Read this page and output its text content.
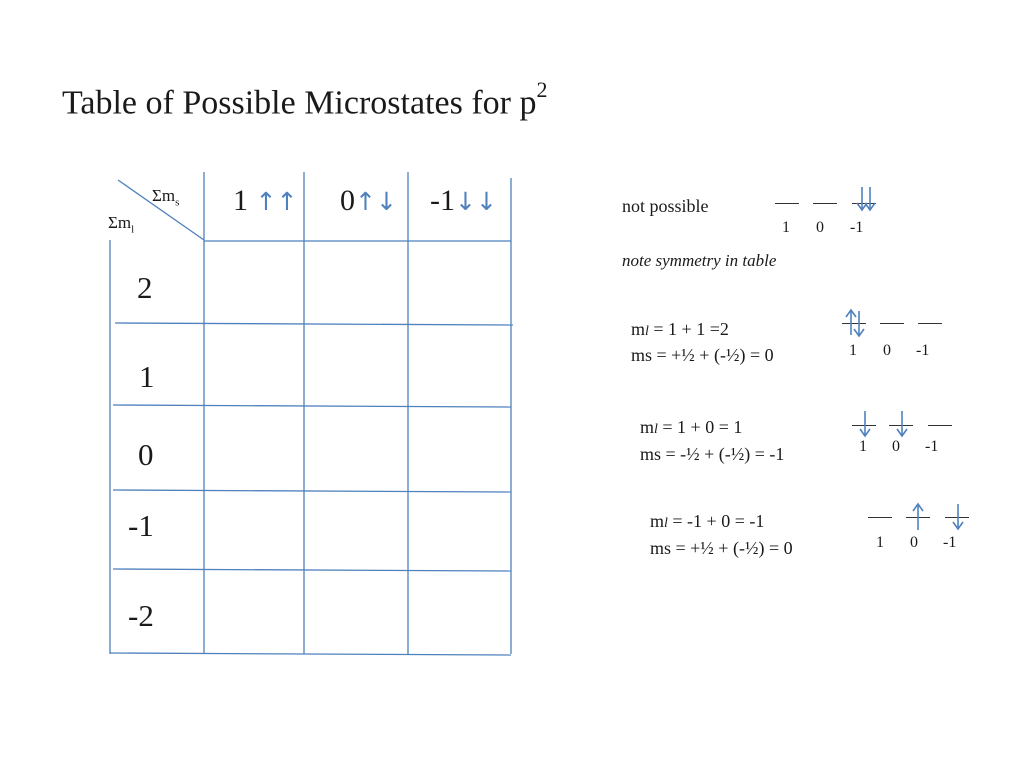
Table of Possible Microstates for $p^2$
$\Sigma m_s$
$\Sigma m_l$
1 ↑↑ 0↑↓ -1↓↓
2
1
0
-1
-2
not possible
1 0 -1
note symmetry in table
ml = 1 + 1 =2
ms = +½ + (-½) = 0	1 0 -1
ml = 1 + 0 = 1
ms = -½ + (-½) = -1	1 0 -1
ml = -1 + 0 = -1
ms = +½ + (-½) = 0	1 0 -1
